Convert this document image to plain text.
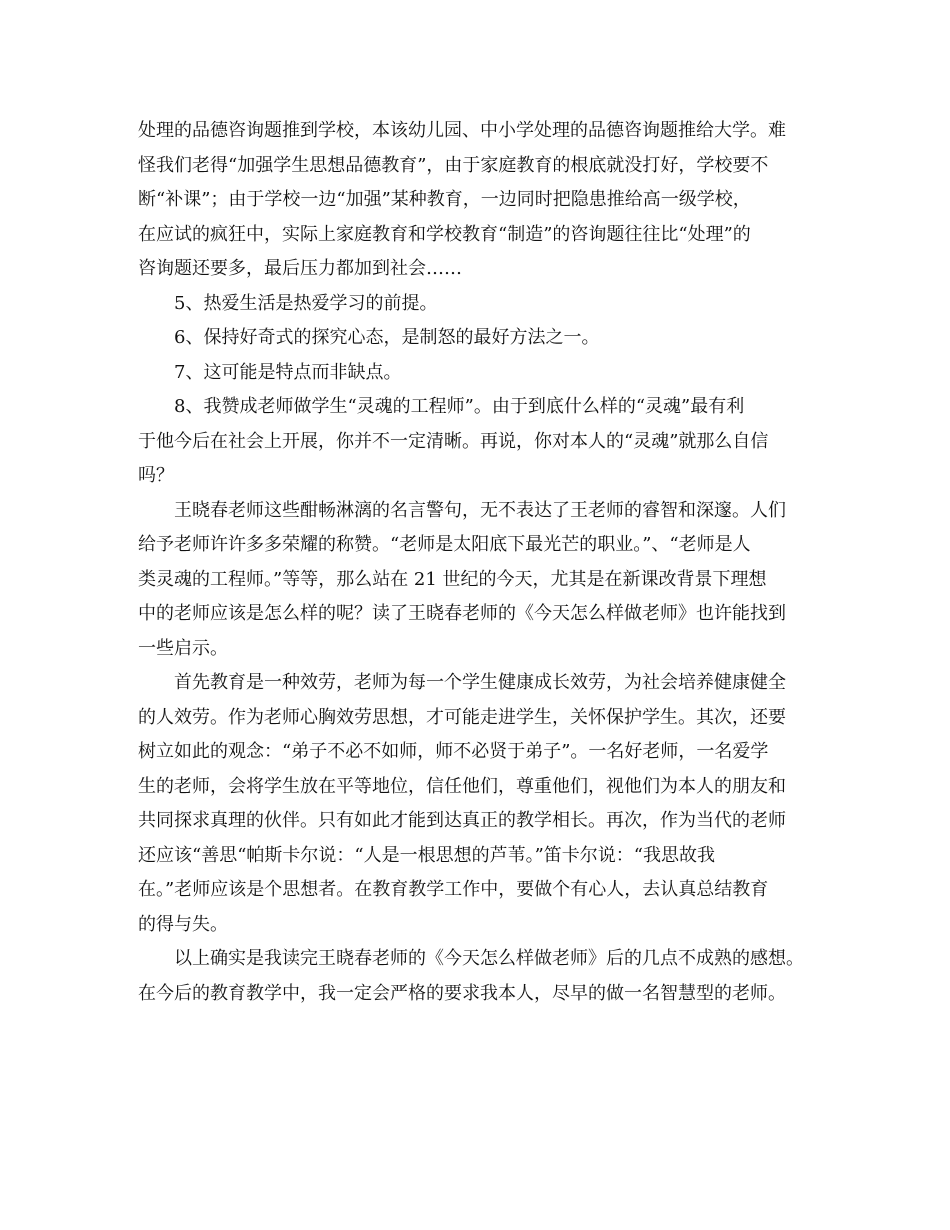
处理的品德咨询题推到学校，本该幼儿园、中小学处理的品德咨询题推给大学。难

怪我们老得“加强学生思想品德教育”，由于家庭教育的根底就没打好，学校要不

断“补课”；由于学校一边“加强”某种教育，一边同时把隐患推给高一级学校，

在应试的疯狂中，实际上家庭教育和学校教育“制造”的咨询题往往比“处理”的

咨询题还要多，最后压力都加到社会……

5、热爱生活是热爱学习的前提。

6、保持好奇式的探究心态，是制怒的最好方法之一。

7、这可能是特点而非缺点。

8、我赞成老师做学生“灵魂的工程师”。由于到底什么样的“灵魂”最有利

于他今后在社会上开展，你并不一定清晰。再说，你对本人的“灵魂”就那么自信

吗？

王晓春老师这些酣畅淋漓的名言警句，无不表达了王老师的睿智和深邃。人们

给予老师许许多多荣耀的称赞。“老师是太阳底下最光芒的职业。”、“老师是人

类灵魂的工程师。”等等，那么站在 21 世纪的今天，尤其是在新课改背景下理想

中的老师应该是怎么样的呢？读了王晓春老师的《今天怎么样做老师》也许能找到

一些启示。

首先教育是一种效劳，老师为每一个学生健康成长效劳，为社会培养健康健全

的人效劳。作为老师心胸效劳思想，才可能走进学生，关怀保护学生。其次，还要

树立如此的观念：“弟子不必不如师，师不必贤于弟子”。一名好老师，一名爱学

生的老师，会将学生放在平等地位，信任他们，尊重他们，视他们为本人的朋友和

共同探求真理的伙伴。只有如此才能到达真正的教学相长。再次，作为当代的老师

还应该“善思“帕斯卡尔说：“人是一根思想的芦苇。”笛卡尔说：“我思故我

在。”老师应该是个思想者。在教育教学工作中，要做个有心人，去认真总结教育

的得与失。

以上确实是我读完王晓春老师的《今天怎么样做老师》后的几点不成熟的感想。

在今后的教育教学中，我一定会严格的要求我本人，尽早的做一名智慧型的老师。
